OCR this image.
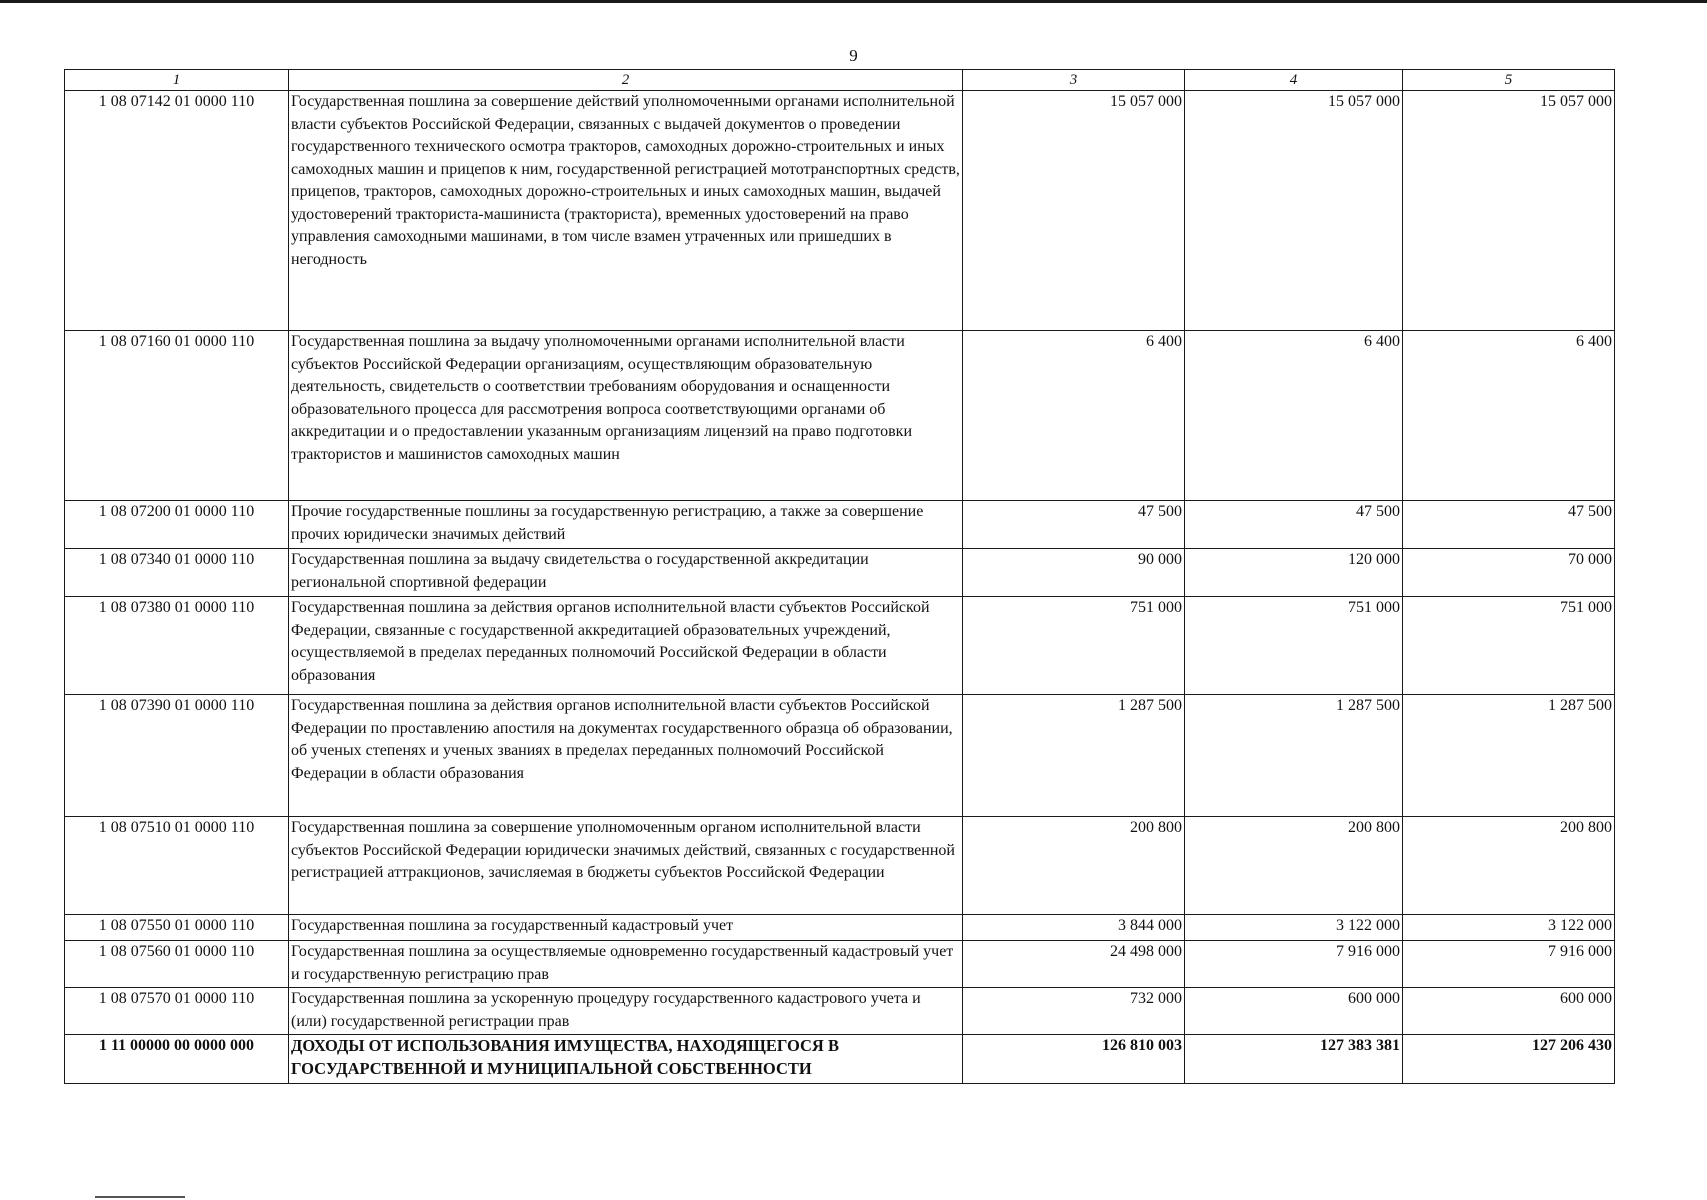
9
1	2	3	4	5
1 08 07142 01 0000 110	Государственная пошлина за совершение действий уполномоченными органами исполнительной власти субъектов Российской Федерации, связанных с выдачей документов о проведении государственного технического осмотра тракторов, самоходных дорожно-строительных и иных самоходных машин и прицепов к ним, государственной регистрацией мототранспортных средств, прицепов, тракторов, самоходных дорожно-строительных и иных самоходных машин, выдачей удостоверений тракториста-машиниста (тракториста), временных удостоверений на право управления самоходными машинами, в том числе взамен утраченных или пришедших в негодность	15 057 000	15 057 000	15 057 000
1 08 07160 01 0000 110	Государственная пошлина за выдачу уполномоченными органами исполнительной власти субъектов Российской Федерации организациям, осуществляющим образовательную деятельность, свидетельств о соответствии требованиям оборудования и оснащенности образовательного процесса для рассмотрения вопроса соответствующими органами об аккредитации и о предоставлении указанным организациям лицензий на право подготовки трактористов и машинистов самоходных машин	6 400	6 400	6 400
1 08 07200 01 0000 110	Прочие государственные пошлины за государственную регистрацию, а также за совершение прочих юридически значимых действий	47 500	47 500	47 500
1 08 07340 01 0000 110	Государственная пошлина за выдачу свидетельства о государственной аккредитации региональной спортивной федерации	90 000	120 000	70 000
1 08 07380 01 0000 110	Государственная пошлина за действия органов исполнительной власти субъектов Российской Федерации, связанные с государственной аккредитацией образовательных учреждений, осуществляемой в пределах переданных полномочий Российской Федерации в области образования	751 000	751 000	751 000
1 08 07390 01 0000 110	Государственная пошлина за действия органов исполнительной власти субъектов Российской Федерации по проставлению апостиля на документах государственного образца об образовании, об ученых степенях и ученых званиях в пределах переданных полномочий Российской Федерации в области образования	1 287 500	1 287 500	1 287 500
1 08 07510 01 0000 110	Государственная пошлина за совершение уполномоченным органом исполнительной власти субъектов Российской Федерации юридически значимых действий, связанных с государственной регистрацией аттракционов, зачисляемая в бюджеты субъектов Российской Федерации	200 800	200 800	200 800
1 08 07550 01 0000 110	Государственная пошлина за государственный кадастровый учет	3 844 000	3 122 000	3 122 000
1 08 07560 01 0000 110	Государственная пошлина за осуществляемые одновременно государственный кадастровый учет и государственную регистрацию прав	24 498 000	7 916 000	7 916 000
1 08 07570 01 0000 110	Государственная пошлина за ускоренную процедуру государственного кадастрового учета и (или) государственной регистрации прав	732 000	600 000	600 000
1 11 00000 00 0000 000	ДОХОДЫ ОТ ИСПОЛЬЗОВАНИЯ ИМУЩЕСТВА, НАХОДЯЩЕГОСЯ В ГОСУДАРСТВЕННОЙ И МУНИЦИПАЛЬНОЙ СОБСТВЕННОСТИ	126 810 003	127 383 381	127 206 430
